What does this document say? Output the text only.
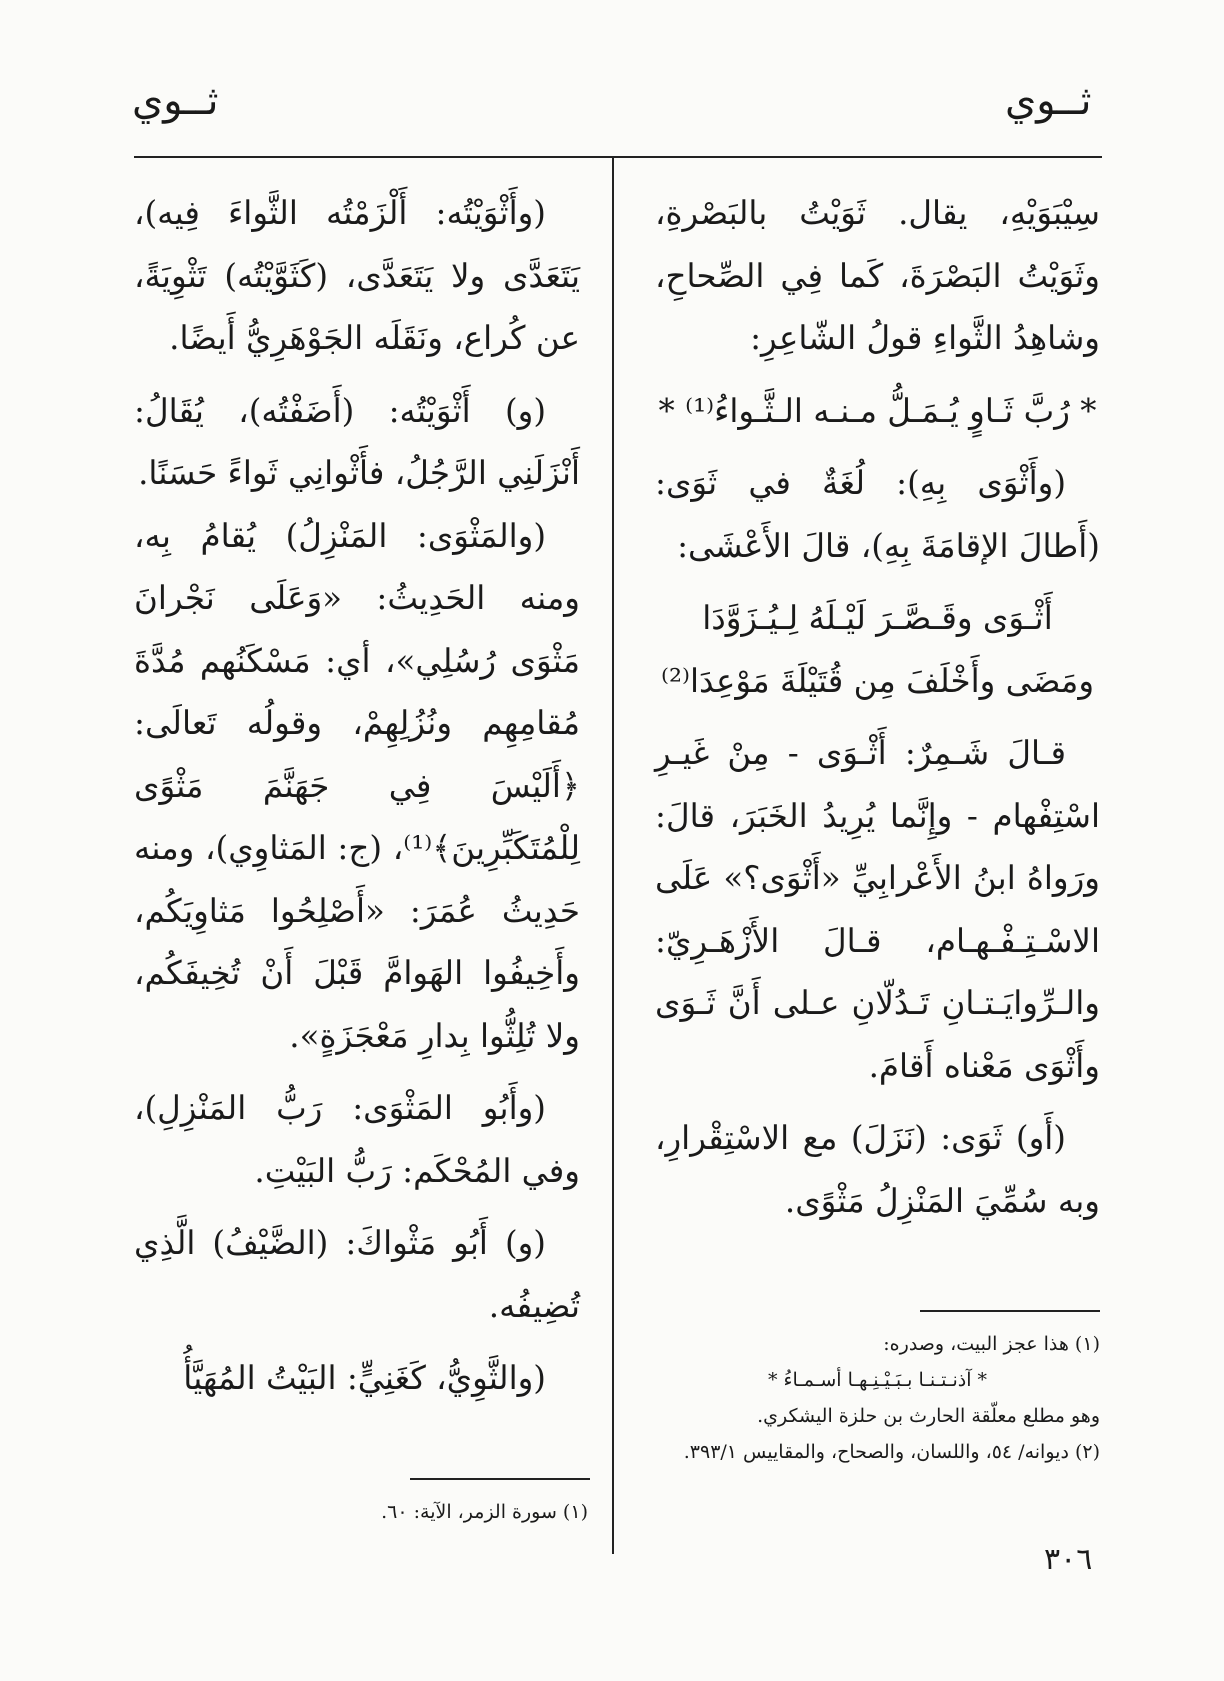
ثــوي
ثــوي

سِيْبَوَيْهِ، يقال. ثَوَيْتُ بالبَصْرةِ، وثَوَيْتُ البَصْرَةَ، كَما فِي الصِّحاحِ، وشاهِدُ الثَّواءِ قولُ الشّاعِرِ:

* رُبَّ ثَـاوٍ يُـمَـلُّ مـنـه الـثَّـواءُ⁽¹⁾ *

(وأَثْوَى بِهِ): لُغَةٌ في ثَوَى: (أَطالَ الإقامَةَ بِهِ)، قالَ الأَعْشَى:

أَثْـوَى وقَـصَّـرَ لَيْـلَهُ لِـيُـزَوَّدَا

ومَضَى وأَخْلَفَ مِن قُتَيْلَةَ مَوْعِدَا⁽²⁾

قـالَ شَـمِرٌ: أَثْـوَى - مِنْ غَيـرِ اسْتِفْهام - وإِنَّما يُرِيدُ الخَبَرَ، قالَ: ورَواهُ ابنُ الأَعْرابِيِّ «أَثْوَى؟» عَلَى الاسْـتِـفْـهـام، قـالَ الأَزْهَـرِيّ: والـرِّوايَـتـانِ تَـدُلّانِ عـلى أَنَّ ثَـوَى وأَثْوَى مَعْناه أَقامَ.

(أَو) ثَوَى: (نَزَلَ) مع الاسْتِقْرارِ، وبه سُمِّيَ المَنْزِلُ مَثْوًى.

(وأَثْوَيْتُه: أَلْزَمْتُه الثَّواءَ فِيه)، يَتَعَدَّى ولا يَتَعَدَّى، (كَثَوَّيْتُه) تَثْوِيَةً، عن كُراع، ونَقَلَه الجَوْهَرِيُّ أَيضًا.

(و) أَثْوَيْتُه: (أَضَفْتُه)، يُقَالُ: أَنْزَلَنِي الرَّجُلُ، فأَثْوانِي ثَواءً حَسَنًا.

(والمَثْوَى: المَنْزِلُ) يُقامُ بِه، ومنه الحَدِيثُ: «وَعَلَى نَجْرانَ مَثْوَى رُسُلِي»، أي: مَسْكَنُهم مُدَّةَ مُقامِهِم ونُزُلِهِمْ، وقولُه تَعالَى: ﴿أَلَيْسَ فِي جَهَنَّمَ مَثْوًى لِلْمُتَكَبِّرِينَ﴾⁽¹⁾، (ج: المَثاوِي)، ومنه حَدِيثُ عُمَرَ: «أَصْلِحُوا مَثاوِيَكُم، وأَخِيفُوا الهَوامَّ قَبْلَ أَنْ تُخِيفَكُم، ولا تُلِثُّوا بِدارِ مَعْجَزَةٍ».

(وأَبُو المَثْوَى: رَبُّ المَنْزِلِ)، وفي المُحْكَم: رَبُّ البَيْتِ.

(و) أَبُو مَثْواكَ: (الضَّيْفُ) الَّذِي تُضِيفُه.

(والثَّوِيُّ، كَغَنِيٍّ: البَيْتُ المُهَيَّأُ

(١) هذا عجز البيت، وصدره:

* آذنـتـنـا بـبَـيْـنِـهـا أسـمـاءُ *

وهو مطلع معلّقة الحارث بن حلزة اليشكري.

(٢) ديوانه/ ٥٤، واللسان، والصحاح، والمقاييس ٣٩٣/١.

(١) سورة الزمر، الآية: ٦٠.

٣٠٦
